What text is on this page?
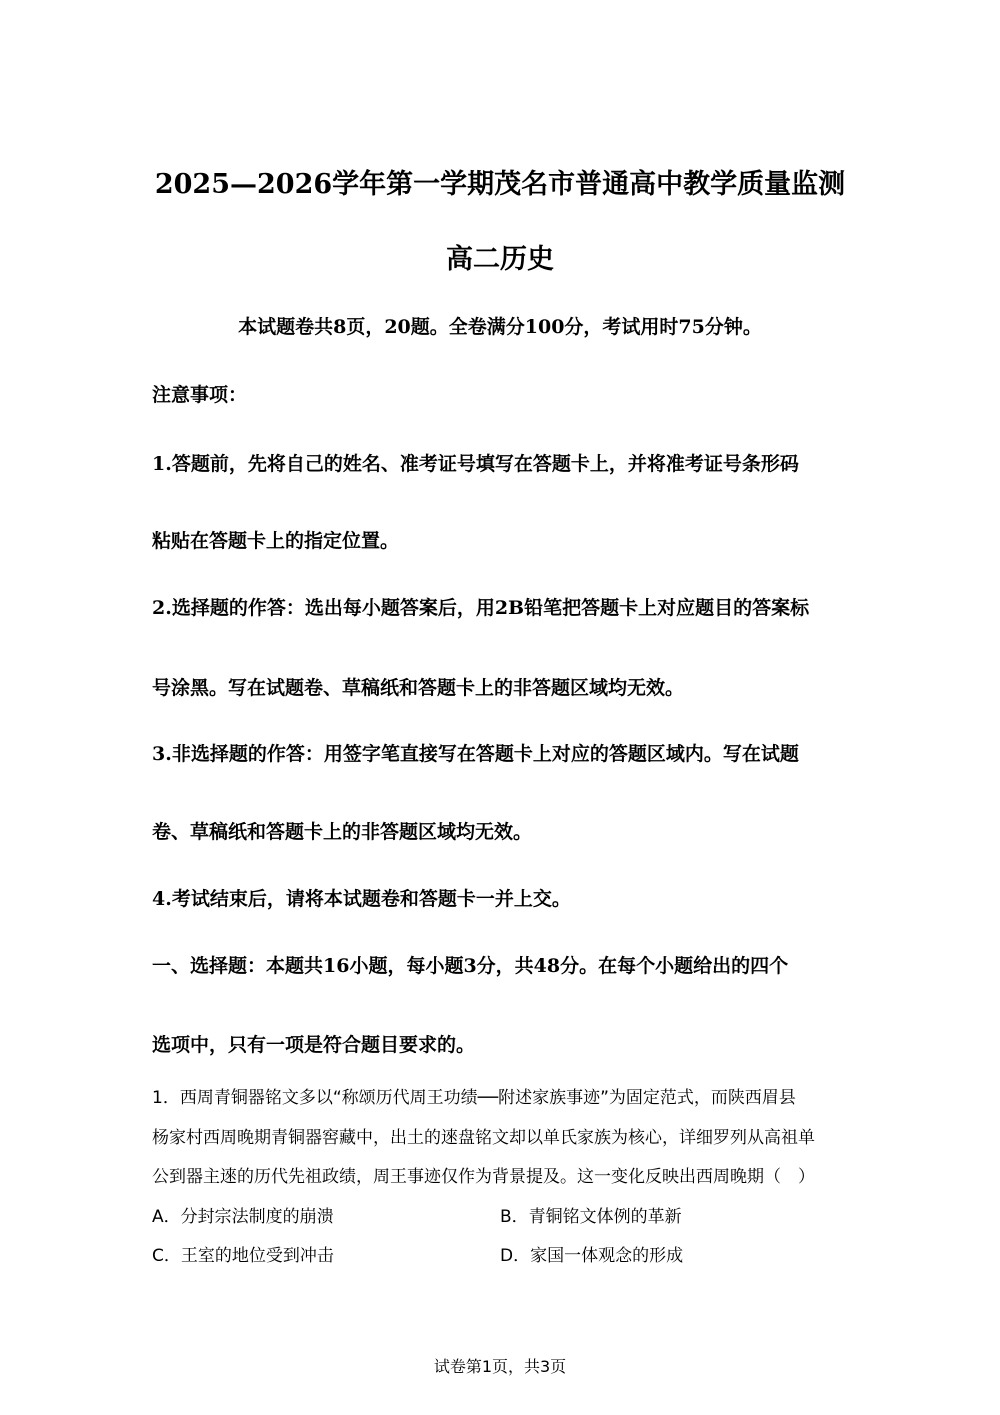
2025—2026学年第一学期茂名市普通高中教学质量监测
高二历史

本试题卷共8页，20题。全卷满分100分，考试用时75分钟。

注意事项：

1.答题前，先将自己的姓名、准考证号填写在答题卡上，并将准考证号条形码

粘贴在答题卡上的指定位置。

2.选择题的作答：选出每小题答案后，用2B铅笔把答题卡上对应题目的答案标

号涂黑。写在试题卷、草稿纸和答题卡上的非答题区域均无效。

3.非选择题的作答：用签字笔直接写在答题卡上对应的答题区域内。写在试题

卷、草稿纸和答题卡上的非答题区域均无效。

4.考试结束后，请将本试题卷和答题卡一并上交。

一、选择题：本题共16小题，每小题3分，共48分。在每个小题给出的四个

选项中，只有一项是符合题目要求的。

1．西周青铜器铭文多以“称颂历代周王功绩──附述家族事迹”为固定范式，而陕西眉县

杨家村西周晚期青铜器窖藏中，出土的逨盘铭文却以单氏家族为核心，详细罗列从高祖单

公到器主逨的历代先祖政绩，周王事迹仅作为背景提及。这一变化反映出西周晚期（　）

A．分封宗法制度的崩溃	B．青铜铭文体例的革新
C．王室的地位受到冲击	D．家国一体观念的形成
试卷第1页，共3页
